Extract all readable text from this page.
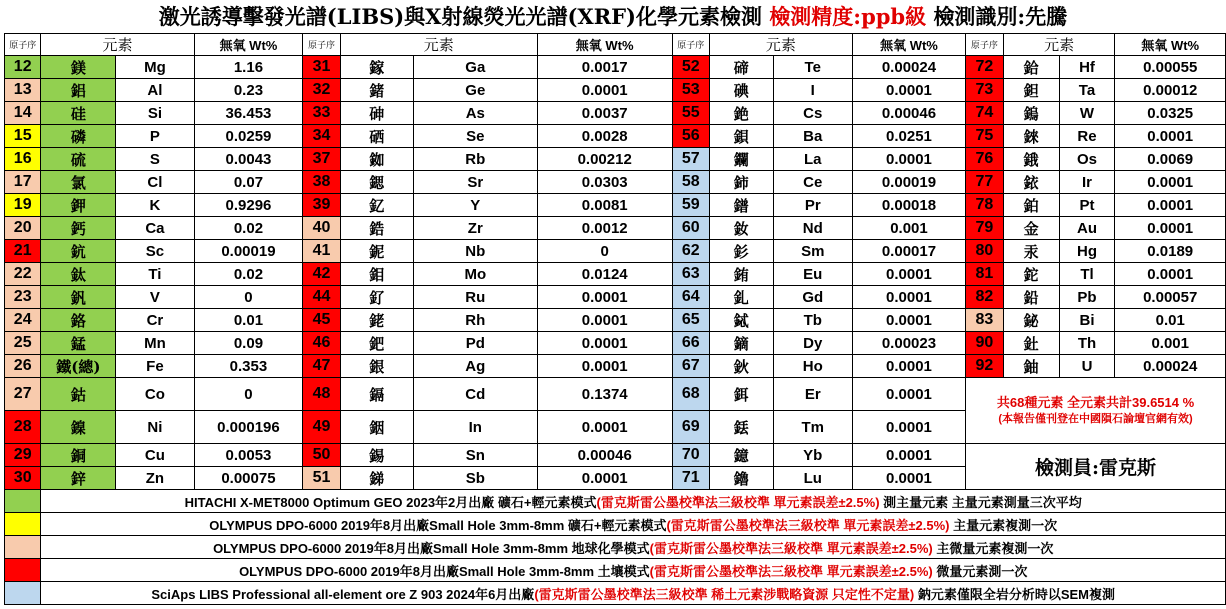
激光誘導擊發光譜(LIBS)與X射線熒光光譜(XRF)化學元素檢測 檢測精度:ppb級 檢測識別:先騰
原子序	元素		無氧 Wt%	原子序	元素		無氧 Wt%	原子序	元素		無氧 Wt%	原子序	元素		無氧 Wt%
12	鎂	Mg	1.16	31	鎵	Ga	0.0017	52	碲	Te	0.00024	72	鉿	Hf	0.00055
13	鋁	Al	0.23	32	鍺	Ge	0.0001	53	碘	I	0.0001	73	鉭	Ta	0.00012
14	硅	Si	36.453	33	砷	As	0.0037	55	銫	Cs	0.00046	74	鎢	W	0.0325
15	磷	P	0.0259	34	硒	Se	0.0028	56	鋇	Ba	0.0251	75	錸	Re	0.0001
16	硫	S	0.0043	37	銣	Rb	0.00212	57	鑭	La	0.0001	76	鋨	Os	0.0069
17	氯	Cl	0.07	38	鍶	Sr	0.0303	58	鈰	Ce	0.00019	77	銥	Ir	0.0001
19	鉀	K	0.9296	39	釔	Y	0.0081	59	鐠	Pr	0.00018	78	鉑	Pt	0.0001
20	鈣	Ca	0.02	40	鋯	Zr	0.0012	60	釹	Nd	0.001	79	金	Au	0.0001
21	鈧	Sc	0.00019	41	鈮	Nb	0	62	釤	Sm	0.00017	80	汞	Hg	0.0189
22	鈦	Ti	0.02	42	鉬	Mo	0.0124	63	銪	Eu	0.0001	81	鉈	Tl	0.0001
23	釩	V	0	44	釕	Ru	0.0001	64	釓	Gd	0.0001	82	鉛	Pb	0.00057
24	鉻	Cr	0.01	45	銠	Rh	0.0001	65	鋱	Tb	0.0001	83	鉍	Bi	0.01
25	錳	Mn	0.09	46	鈀	Pd	0.0001	66	鏑	Dy	0.00023	90	釷	Th	0.001
26	鐵(總)	Fe	0.353	47	銀	Ag	0.0001	67	鈥	Ho	0.0001	92	鈾	U	0.00024
27	鈷	Co	0	48	鎘	Cd	0.1374	68	鉺	Er	0.0001	共68種元素 全元素共計39.6514 %
(本報告僅刊登在中國隕石論壇官網有效)			

28	鎳	Ni	0.000196	49	銦	In	0.0001	69	銩	Tm	0.0001				
29	銅	Cu	0.0053	50	錫	Sn	0.00046	70	鐿	Yb	0.0001	檢測員:雷克斯			
30	鋅	Zn	0.00075	51	銻	Sb	0.0001	71	鑥	Lu	0.0001				
	HITACHI X-MET8000 Optimum GEO 2023年2月出廠 礦石+輕元素模式(雷克斯雷公墨校準法三級校準 單元素誤差±2.5%) 測主量元素 主量元素測量三次平均														
	OLYMPUS DPO-6000 2019年8月出廠Small Hole 3mm-8mm 礦石+輕元素模式(雷克斯雷公墨校準法三級校準 單元素誤差±2.5%) 主量元素複測一次														
	OLYMPUS DPO-6000 2019年8月出廠Small Hole 3mm-8mm 地球化學模式(雷克斯雷公墨校準法三級校準 單元素誤差±2.5%) 主微量元素複測一次														
	OLYMPUS DPO-6000 2019年8月出廠Small Hole 3mm-8mm 土壤模式(雷克斯雷公墨校準法三級校準 單元素誤差±2.5%) 微量元素測一次														
	SciAps LIBS Professional all-element ore Z 903 2024年6月出廠(雷克斯雷公墨校準法三級校準 稀土元素涉戰略資源 只定性不定量) 鈉元素僅限全岩分析時以SEM複測														
